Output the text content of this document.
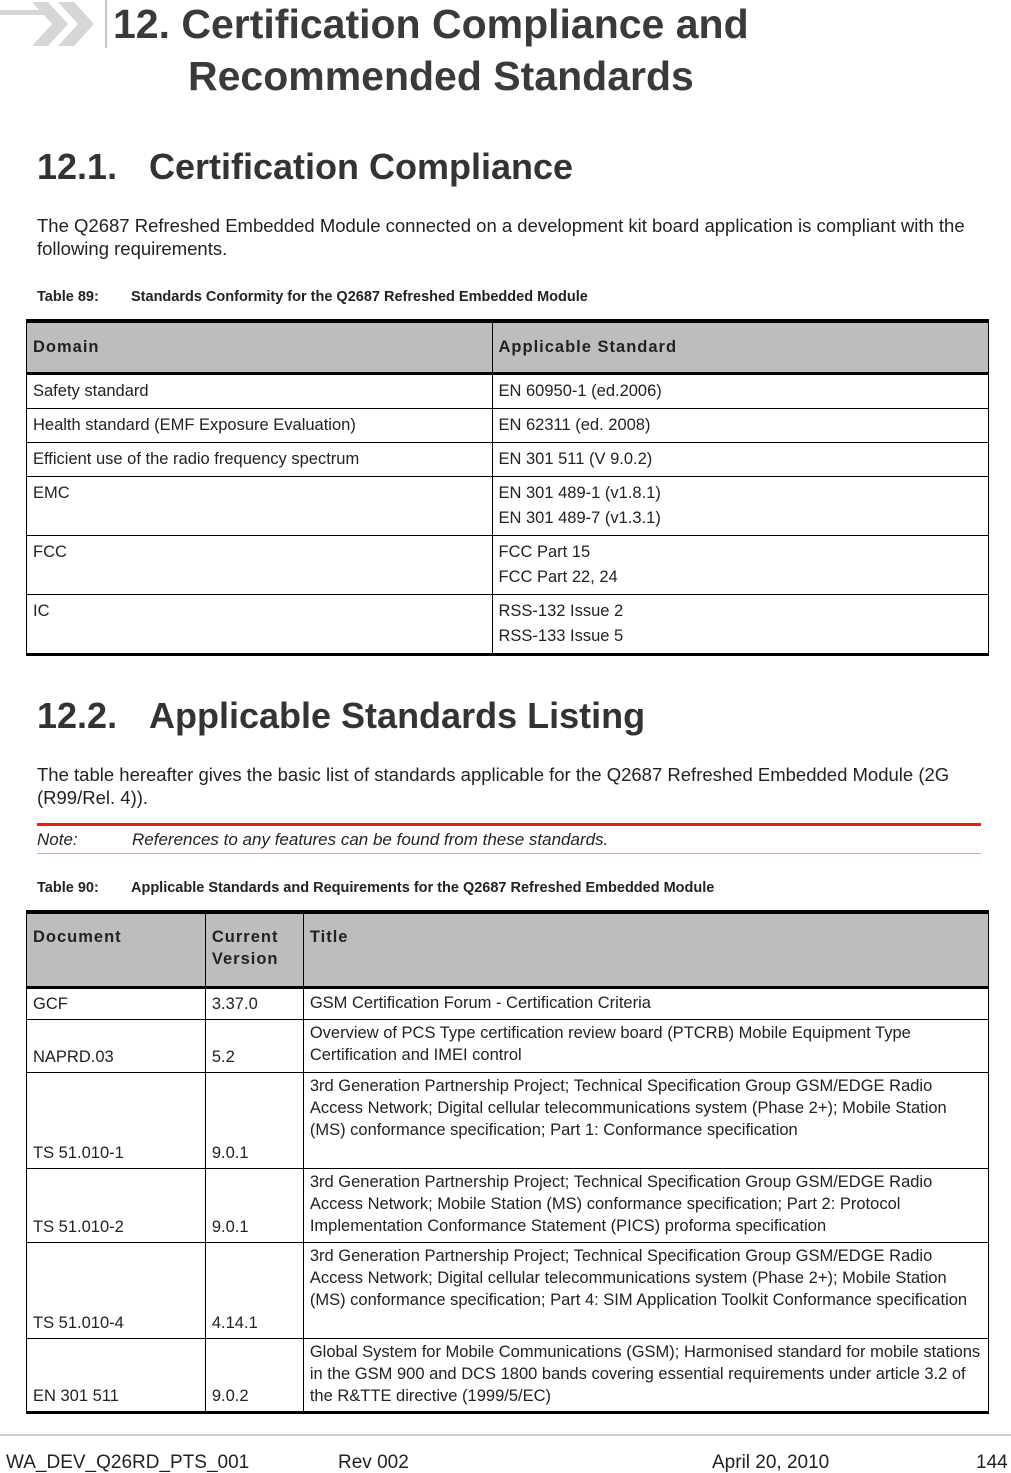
12. Certification Compliance and
Recommended Standards
12.1. Certification Compliance

The Q2687 Refreshed Embedded Module connected on a development kit board application is compliant with the following requirements.

Table 89: Standards Conformity for the Q2687 Refreshed Embedded Module
Domain	Applicable Standard
Safety standard	EN 60950-1 (ed.2006)
Health standard (EMF Exposure Evaluation)	EN 62311 (ed. 2008)
Efficient use of the radio frequency spectrum	EN 301 511 (V 9.0.2)
EMC	EN 301 489-1 (v1.8.1)
EN 301 489-7 (v1.3.1)

FCC	FCC Part 15
FCC Part 22, 24

IC	RSS-132 Issue 2
RSS-133 Issue 5
12.2. Applicable Standards Listing

The table hereafter gives the basic list of standards applicable for the Q2687 Refreshed Embedded Module (2G (R99/Rel. 4)).

Note:	References to any features can be found from these standards.
Table 90: Applicable Standards and Requirements for the Q2687 Refreshed Embedded Module
Document	Current Version	Title
GCF	3.37.0	GSM Certification Forum - Certification Criteria
NAPRD.03	5.2	Overview of PCS Type certification review board (PTCRB) Mobile Equipment Type Certification and IMEI control
TS 51.010-1	9.0.1	3rd Generation Partnership Project; Technical Specification Group GSM/EDGE Radio Access Network; Digital cellular telecommunications system (Phase 2+); Mobile Station (MS) conformance specification; Part 1: Conformance specification
TS 51.010-2	9.0.1	3rd Generation Partnership Project; Technical Specification Group GSM/EDGE Radio Access Network; Mobile Station (MS) conformance specification; Part 2: Protocol Implementation Conformance Statement (PICS) proforma specification
TS 51.010-4	4.14.1	3rd Generation Partnership Project; Technical Specification Group GSM/EDGE Radio Access Network; Digital cellular telecommunications system (Phase 2+); Mobile Station (MS) conformance specification; Part 4: SIM Application Toolkit Conformance specification
EN 301 511	9.0.2	Global System for Mobile Communications (GSM); Harmonised standard for mobile stations in the GSM 900 and DCS 1800 bands covering essential requirements under article 3.2 of the R&TTE directive (1999/5/EC)
WA_DEV_Q26RD_PTS_001	Rev 002	April 20, 2010	144
